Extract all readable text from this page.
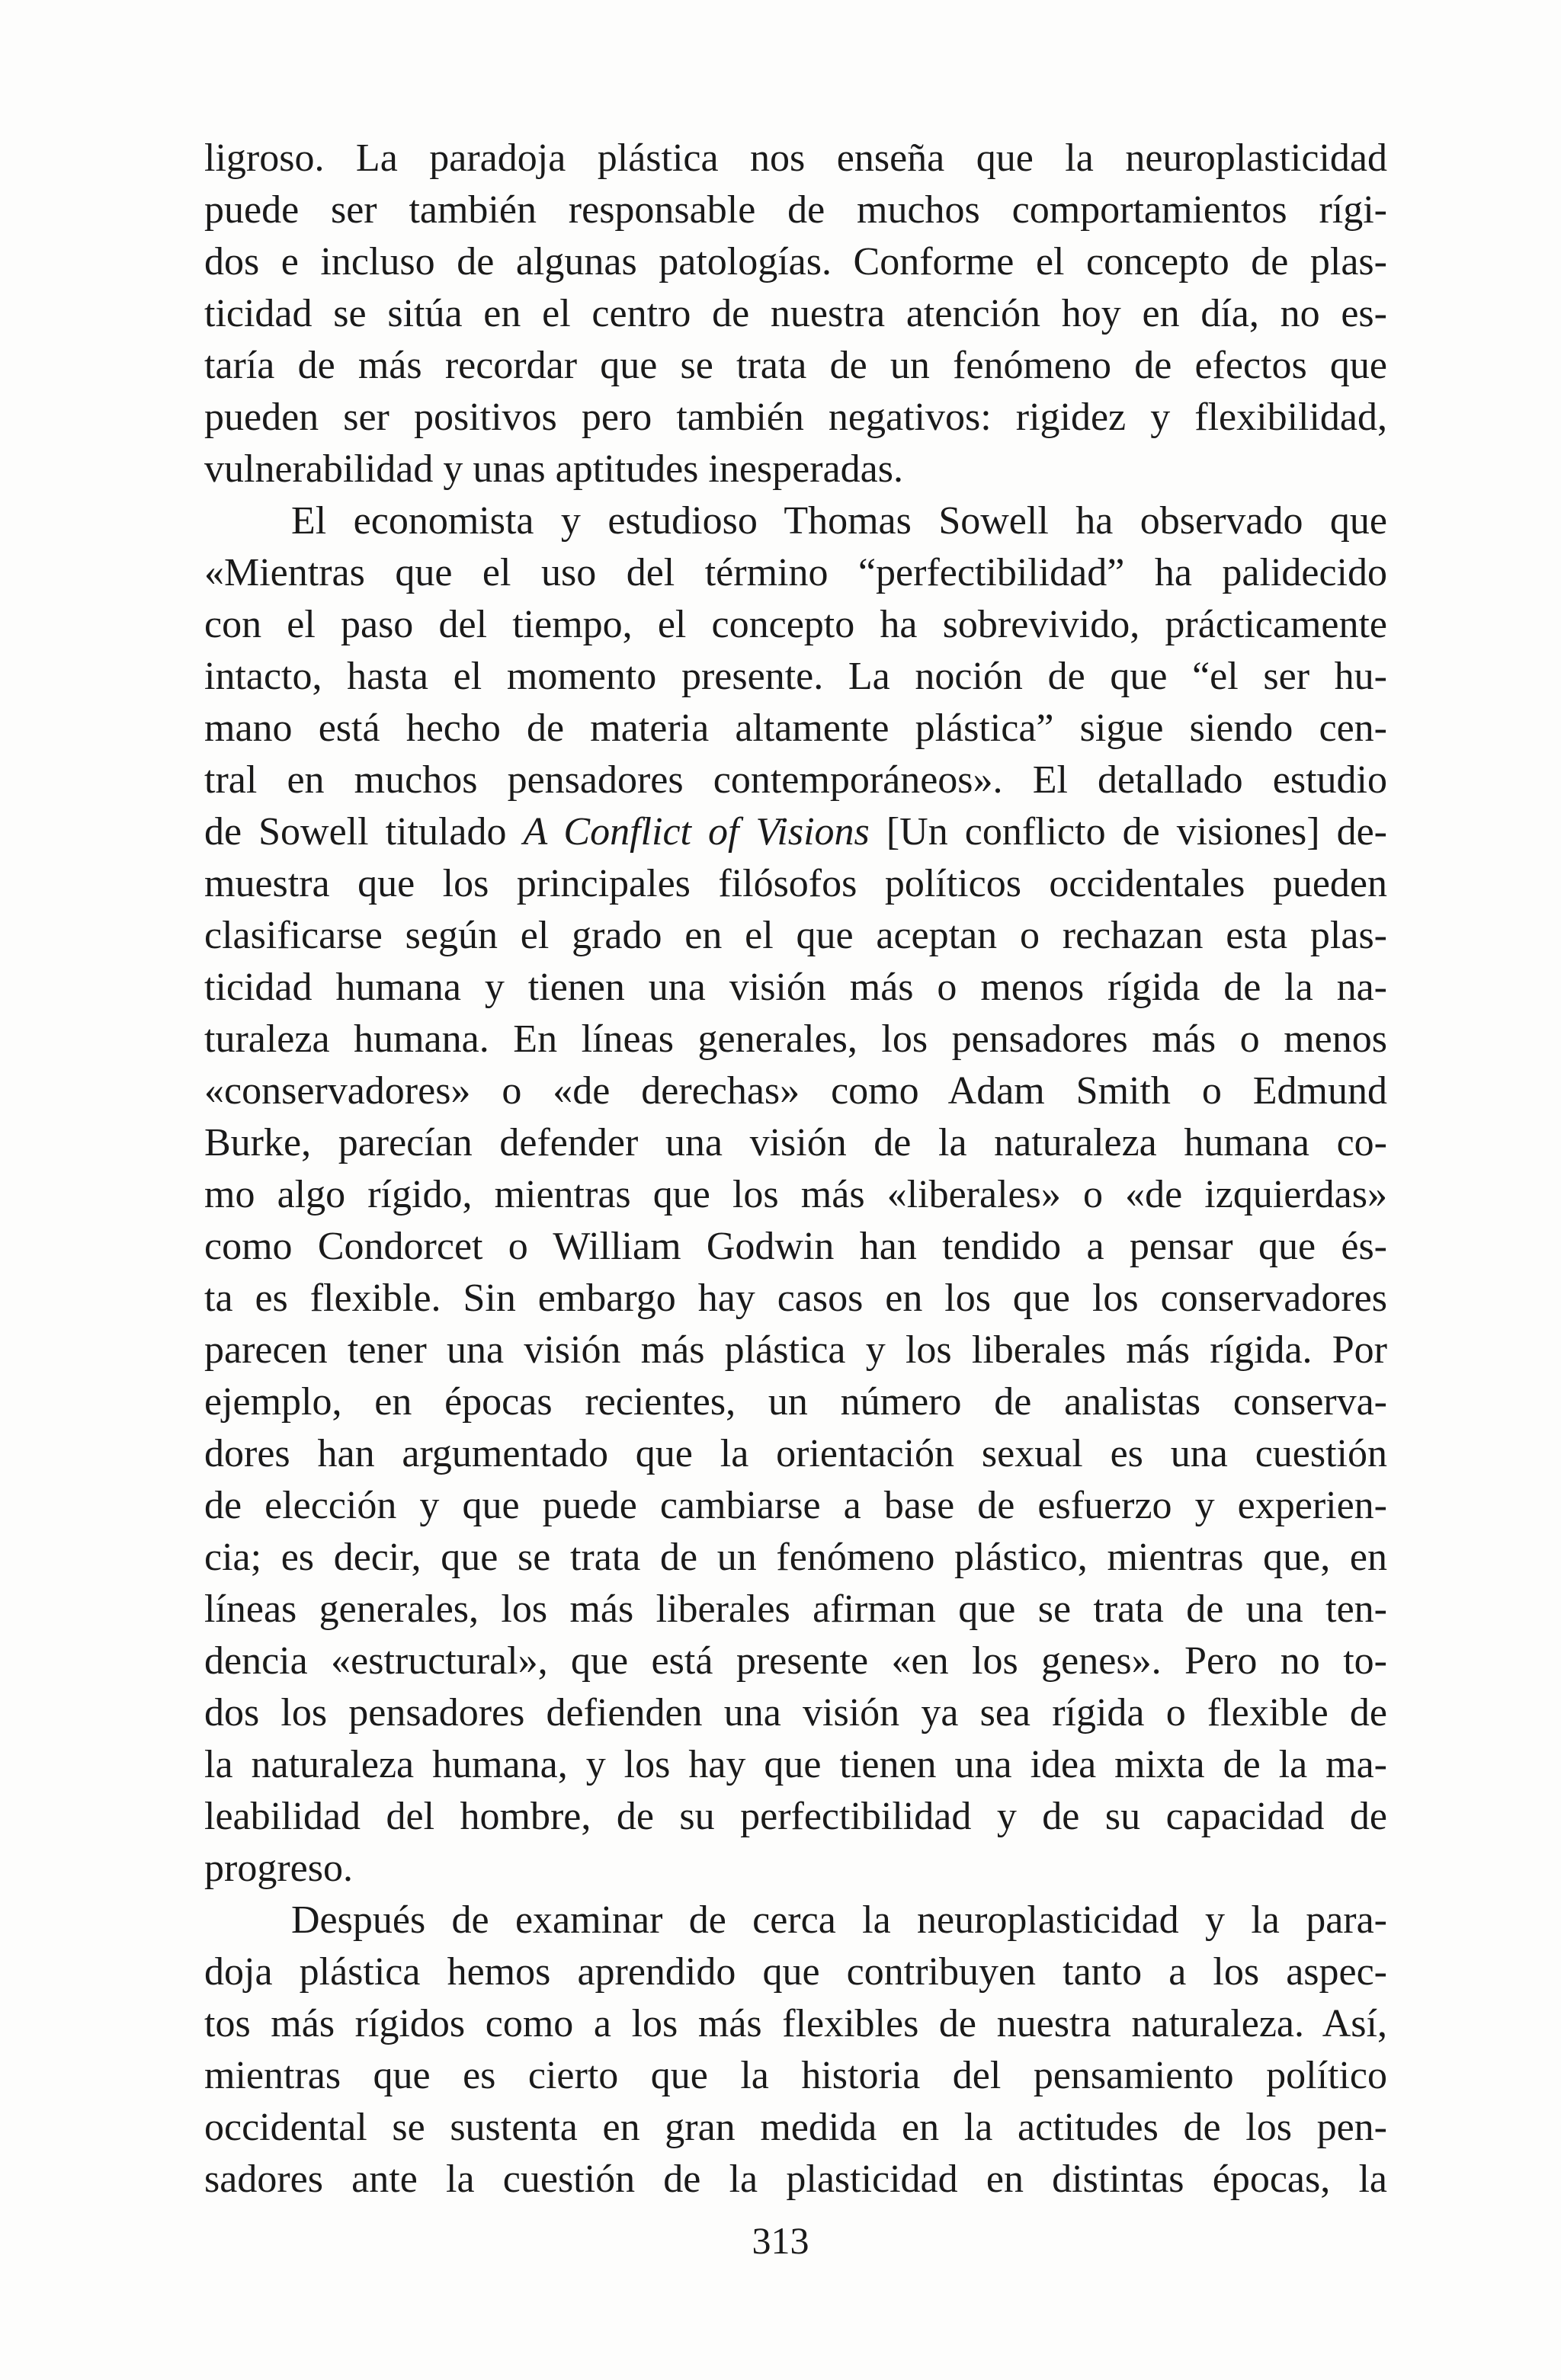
ligroso. La paradoja plástica nos enseña que la neuroplasticidad
puede ser también responsable de muchos comportamientos rígi-
dos e incluso de algunas patologías. Conforme el concepto de plas-
ticidad se sitúa en el centro de nuestra atención hoy en día, no es-
taría de más recordar que se trata de un fenómeno de efectos que
pueden ser positivos pero también negativos: rigidez y flexibilidad,
vulnerabilidad y unas aptitudes inesperadas.
El economista y estudioso Thomas Sowell ha observado que
«Mientras que el uso del término “perfectibilidad” ha palidecido
con el paso del tiempo, el concepto ha sobrevivido, prácticamente
intacto, hasta el momento presente. La noción de que “el ser hu-
mano está hecho de materia altamente plástica” sigue siendo cen-
tral en muchos pensadores contemporáneos». El detallado estudio
de Sowell titulado A Conflict of Visions [Un conflicto de visiones] de-
muestra que los principales filósofos políticos occidentales pueden
clasificarse según el grado en el que aceptan o rechazan esta plas-
ticidad humana y tienen una visión más o menos rígida de la na-
turaleza humana. En líneas generales, los pensadores más o menos
«conservadores» o «de derechas» como Adam Smith o Edmund
Burke, parecían defender una visión de la naturaleza humana co-
mo algo rígido, mientras que los más «liberales» o «de izquierdas»
como Condorcet o William Godwin han tendido a pensar que és-
ta es flexible. Sin embargo hay casos en los que los conservadores
parecen tener una visión más plástica y los liberales más rígida. Por
ejemplo, en épocas recientes, un número de analistas conserva-
dores han argumentado que la orientación sexual es una cuestión
de elección y que puede cambiarse a base de esfuerzo y experien-
cia; es decir, que se trata de un fenómeno plástico, mientras que, en
líneas generales, los más liberales afirman que se trata de una ten-
dencia «estructural», que está presente «en los genes». Pero no to-
dos los pensadores defienden una visión ya sea rígida o flexible de
la naturaleza humana, y los hay que tienen una idea mixta de la ma-
leabilidad del hombre, de su perfectibilidad y de su capacidad de
progreso.
Después de examinar de cerca la neuroplasticidad y la para-
doja plástica hemos aprendido que contribuyen tanto a los aspec-
tos más rígidos como a los más flexibles de nuestra naturaleza. Así,
mientras que es cierto que la historia del pensamiento político
occidental se sustenta en gran medida en la actitudes de los pen-
sadores ante la cuestión de la plasticidad en distintas épocas, la
313
